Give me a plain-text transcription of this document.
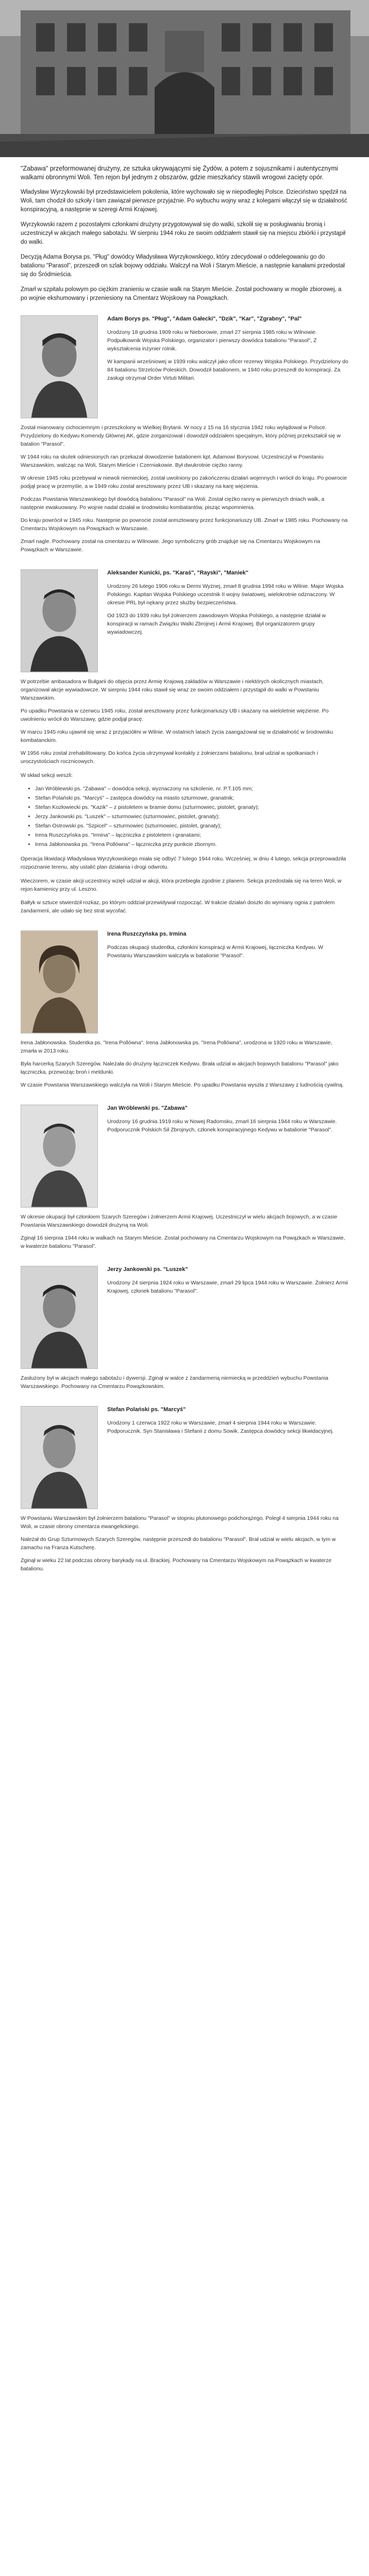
"Zabawa" przeformowanej drużyny, ze sztuka ukrywającymi się Żydów, a potem z sojusznikami i autentycznymi walkami obronnymi Woli. Ten rejon był jednym z obszarów, gdzie mieszkańcy stawili wrogowi zacięty opór.

Władysław Wyrzykowski był przedstawicielem pokolenia, które wychowało się w niepodległej Polsce. Dzieciństwo spędził na Woli, tam chodził do szkoły i tam zawiązał pierwsze przyjaźnie. Po wybuchu wojny wraz z kolegami włączył się w działalność konspiracyjną, a następnie w szeregi Armii Krajowej.

Wyrzykowski razem z pozostałymi członkami drużyny przygotowywał się do walki, szkolił się w posługiwaniu bronią i uczestniczył w akcjach małego sabotażu. W sierpniu 1944 roku ze swoim oddziałem stawił się na miejscu zbiórki i przystąpił do walki.

Decyzją Adama Borysa ps. "Pług" dowódcy Władysława Wyrzykowskiego, który zdecydował o oddelegowaniu go do batalionu "Parasol", przeszedł on szlak bojowy oddziału. Walczył na Woli i Starym Mieście, a następnie kanałami przedostał się do Śródmieścia.

Zmarł w szpitalu polowym po ciężkim zranieniu w czasie walk na Starym Mieście. Został pochowany w mogile zbiorowej, a po wojnie ekshumowany i przeniesiony na Cmentarz Wojskowy na Powązkach.

Adam Borys ps. "Pług", "Adam Gałecki", "Dzik", "Kar", "Zgrabny", "Pal"

Urodzony 18 grudnia 1909 roku w Nieborowie, zmarł 27 sierpnia 1985 roku w Wilnowie. Podpułkownik Wojska Polskiego, organizator i pierwszy dowódca batalionu "Parasol", Z wykształcenia inżynier rolnik.

W kampanii wrześniowej w 1939 roku walczył jako oficer rezerwy Wojska Polskiego. Przydzielony do 84 batalionu Strzelców Poleskich. Dowodził batalionem, w 1940 roku przeszedł do konspiracji. Za zasługi otrzymał Order Virtuti Militari.

Został mianowany cichociemnym i przeszkolony w Wielkiej Brytanii. W nocy z 15 na 16 stycznia 1942 roku wylądował w Polsce. Przydzielony do Kedywu Komendy Głównej AK, gdzie zorganizował i dowodził oddziałem specjalnym, który później przekształcił się w batalion "Parasol".

W 1944 roku na skutek odniesionych ran przekazał dowodzenie batalionem kpt. Adamowi Borysowi. Uczestniczył w Powstaniu Warszawskim, walcząc na Woli, Starym Mieście i Czerniakowie. Był dwukrotnie ciężko ranny.

W okresie 1945 roku przebywał w niewoli niemieckiej, został uwolniony po zakończeniu działań wojennych i wrócił do kraju. Po powrocie podjął pracę w przemyśle, a w 1949 roku został aresztowany przez UB i skazany na karę więzienia.

Podczas Powstania Warszawskiego był dowódcą batalionu "Parasol" na Woli. Został ciężko ranny w pierwszych dniach walk, a następnie ewakuowany. Po wojnie nadal działał w środowisku kombatantów, pisząc wspomnienia.

Do kraju powrócił w 1945 roku. Następnie po powrocie został aresztowany przez funkcjonariuszy UB. Zmarł w 1985 roku. Pochowany na Cmentarzu Wojskowym na Powązkach w Warszawie.

Zmarł nagle. Pochowany został na cmentarzu w Wilnowie. Jego symboliczny grób znajduje się na Cmentarzu Wojskowym na Powązkach w Warszawie.

Aleksander Kunicki, ps. "Karaś", "Rayski", "Maniek"

Urodzony 26 lutego 1906 roku w Dermi Wyżnej, zmarł 8 grudnia 1994 roku w Wilnie. Major Wojska Polskiego. Kapitan Wojska Polskiego uczestnik II wojny światowej, wielokrotnie odznaczony. W okresie PRL był nękany przez służby bezpieczeństwa.

Od 1923 do 1939 roku był żołnierzem zawodowym Wojska Polskiego, a następnie działał w konspiracji w ramach Związku Walki Zbrojnej i Armii Krajowej. Był organizatorem grupy wywiadowczej.

W potrzebie ambasadora w Bułgarii do objęcia przez Armię Krajową zakładów w Warszawie i niektórych okolicznych miastach, organizował akcje wywiadowcze. W sierpniu 1944 roku stawił się wraz ze swoim oddziałem i przystąpił do walki w Powstaniu Warszawskim.

Po upadku Powstania w czerwcu 1945 roku, został aresztowany przez funkcjonariuszy UB i skazany na wieloletnie więzienie. Po uwolnieniu wrócił do Warszawy, gdzie podjął pracę.

W marcu 1945 roku ujawnił się wraz z przyjaciółmi w Wilnie. W ostatnich latach życia zaangażował się w działalność w środowisku kombatanckim.

W 1956 roku został zrehabilitowany. Do końca życia utrzymywał kontakty z żołnierzami batalionu, brał udział w spotkaniach i uroczystościach rocznicowych.

W skład sekcji weszli:

• Jan Wróblewski ps. "Zabawa" – dowódca sekcji, wyznaczony na szkolenie, nr. P.T.105 mm;
• Stefan Polański ps. "Marcyś" – zastępca dowódcy na miasto szturmowe, granatnik;
• Stefan Kozłowiecki ps. "Kazik" – z pistoletem w bramie domu (szturmowiec, pistolet, granaty);
• Jerzy Jankowski ps. "Luszek" – szturmowiec (szturmowiec, pistolet, granaty);
• Stefan Ostrowski ps. "Szpicel" – szturmowiec (szturmowiec, pistolet, granaty);
• Irena Ruszczyńska ps. "Irmina" – łączniczka z pistoletem i granatami;
• Irena Jabłonowska ps. "Irena Pollówna" – łączniczka przy punkcie zbornym.

Operacja likwidacji Władysława Wyrzykowskiego miała się odbyć 7 lutego 1944 roku. Wcześniej, w dniu 4 lutego, sekcja przeprowadziła rozpoznanie terenu, aby ustalić plan działania i drogi odwrotu.

Wieczorem, w czasie akcji uczestnicy wzięli udział w akcji, która przebiegła zgodnie z planem. Sekcja przedostała się na teren Woli, w rejon kamienicy przy ul. Leszno.

Bałtyk w sztuce stwierdził rozkaz, po którym oddział przewidywał rozpocząć. W trakcie działań doszło do wymiany ognia z patrolem żandarmerii, ale udało się bez strat wycofać.

Irena Ruszczyńska ps. Irmina

Podczas okupacji studentka, członkini konspiracji w Armii Krajowej, łączniczka Kedywu. W Powstaniu Warszawskim walczyła w batalionie "Parasol".

Irena Jabłonowska. Studentka ps. "Irena Pollówna". Irena Jabłonowska ps. "Irena Pollówna", urodzona w 1920 roku w Warszawie, zmarła w 2013 roku.

Była harcerką Szarych Szeregów. Należała do drużyny łączniczek Kedywu. Brała udział w akcjach bojowych batalionu "Parasol" jako łączniczka, przewożąc broń i meldunki.

W czasie Powstania Warszawskiego walczyła na Woli i Starym Mieście. Po upadku Powstania wyszła z Warszawy z ludnością cywilną.

Jan Wróblewski ps. "Zabawa"

Urodzony 16 grudnia 1919 roku w Nowej Radomsku, zmarł 16 sierpnia 1944 roku w Warszawie. Podporucznik Polskich Sił Zbrojnych, członek konspiracyjnego Kedywu w batalionie "Parasol".

W okresie okupacji był członkiem Szarych Szeregów i żołnierzem Armii Krajowej. Uczestniczył w wielu akcjach bojowych, a w czasie Powstania Warszawskiego dowodził drużyną na Woli.

Zginął 16 sierpnia 1944 roku w walkach na Starym Mieście. Został pochowany na Cmentarzu Wojskowym na Powązkach w Warszawie, w kwaterze batalionu "Parasol".

Jerzy Jankowski ps. "Luszek"

Urodzony 24 sierpnia 1924 roku w Warszawie, zmarł 29 lipca 1944 roku w Warszawie. Żołnierz Armii Krajowej, członek batalionu "Parasol".

Zasłużony był w akcjach małego sabotażu i dywersji. Zginął w walce z żandarmerią niemiecką w przeddzień wybuchu Powstania Warszawskiego. Pochowany na Cmentarzu Powązkowskim.

Stefan Polański ps. "Marcyś"

Urodzony 1 czerwca 1922 roku w Warszawie, zmarł 4 sierpnia 1944 roku w Warszawie. Podporucznik. Syn Stanisława i Stefanii z domu Sowik. Zastępca dowódcy sekcji likwidacyjnej.

W Powstaniu Warszawskim był żołnierzem batalionu "Parasol" w stopniu plutonowego podchorążego. Poległ 4 sierpnia 1944 roku na Woli, w czasie obrony cmentarza ewangelickiego.

Należał do Grup Szturmowych Szarych Szeregów, następnie przeszedł do batalionu "Parasol". Brał udział w wielu akcjach, w tym w zamachu na Franza Kutscherę.

Zginął w wieku 22 lat podczas obrony barykady na ul. Brackiej. Pochowany na Cmentarzu Wojskowym na Powązkach w kwaterze batalionu.
